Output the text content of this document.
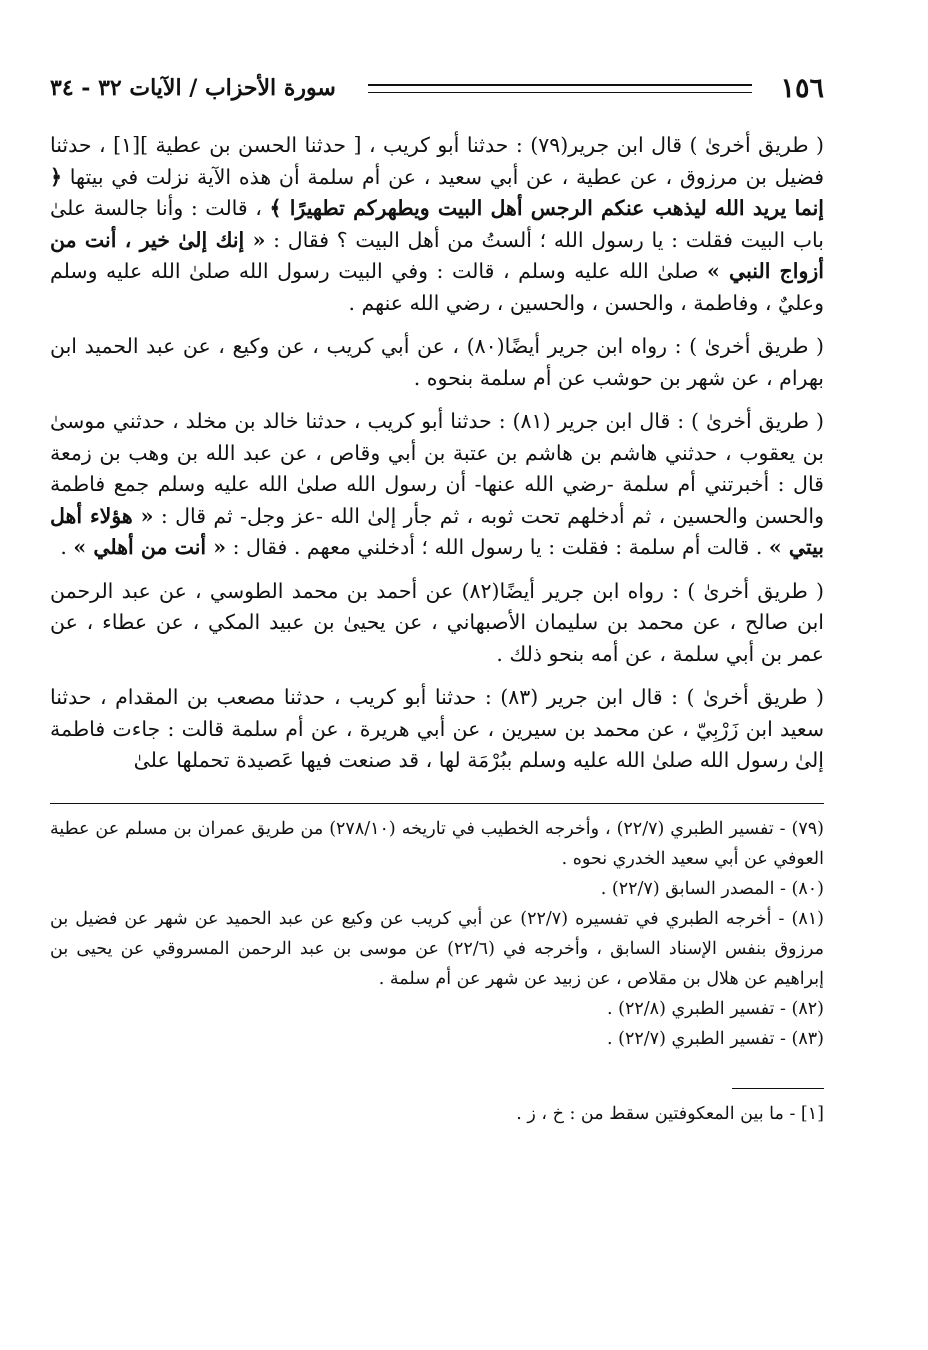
١٥٦
سورة الأحزاب / الآيات ٣٢ - ٣٤

( طريق أخرىٰ ) قال ابن جرير(٧٩) : حدثنا أبو كريب ، [ حدثنا الحسن بن عطية ][١] ، حدثنا فضيل بن مرزوق ، عن عطية ، عن أبي سعيد ، عن أم سلمة أن هذه الآية نزلت في بيتها ﴿ إنما يريد الله ليذهب عنكم الرجس أهل البيت ويطهركم تطهيرًا ﴾ ، قالت : وأنا جالسة علىٰ باب البيت فقلت : يا رسول الله ؛ ألستُ من أهل البيت ؟ فقال : « إنك إلىٰ خير ، أنت من أزواج النبي » صلىٰ الله عليه وسلم ، قالت : وفي البيت رسول الله صلىٰ الله عليه وسلم وعليٌ ، وفاطمة ، والحسن ، والحسين ، رضي الله عنهم .

( طريق أخرىٰ ) : رواه ابن جرير أيضًا(٨٠) ، عن أبي كريب ، عن وكيع ، عن عبد الحميد ابن بهرام ، عن شهر بن حوشب عن أم سلمة بنحوه .

( طريق أخرىٰ ) : قال ابن جرير (٨١) : حدثنا أبو كريب ، حدثنا خالد بن مخلد ، حدثني موسىٰ بن يعقوب ، حدثني هاشم بن هاشم بن عتبة بن أبي وقاص ، عن عبد الله بن وهب بن زمعة قال : أخبرتني أم سلمة -رضي الله عنها- أن رسول الله صلىٰ الله عليه وسلم جمع فاطمة والحسن والحسين ، ثم أدخلهم تحت ثوبه ، ثم جأر إلىٰ الله -عز وجل- ثم قال : « هؤلاء أهل بيتي » . قالت أم سلمة : فقلت : يا رسول الله ؛ أدخلني معهم . فقال : « أنت من أهلي » .

( طريق أخرىٰ ) : رواه ابن جرير أيضًا(٨٢) عن أحمد بن محمد الطوسي ، عن عبد الرحمن ابن صالح ، عن محمد بن سليمان الأصبهاني ، عن يحيىٰ بن عبيد المكي ، عن عطاء ، عن عمر بن أبي سلمة ، عن أمه بنحو ذلك .

( طريق أخرىٰ ) : قال ابن جرير (٨٣) : حدثنا أبو كريب ، حدثنا مصعب بن المقدام ، حدثنا سعيد ابن زَرْبِيّ ، عن محمد بن سيرين ، عن أبي هريرة ، عن أم سلمة قالت : جاءت فاطمة إلىٰ رسول الله صلىٰ الله عليه وسلم ببُرْمَة لها ، قد صنعت فيها عَصيدة تحملها علىٰ

(٧٩) - تفسير الطبري (٢٢/٧) ، وأخرجه الخطيب في تاريخه (٢٧٨/١٠) من طريق عمران بن مسلم عن عطية العوفي عن أبي سعيد الخدري نحوه .

(٨٠) - المصدر السابق (٢٢/٧) .

(٨١) - أخرجه الطبري في تفسيره (٢٢/٧) عن أبي كريب عن وكيع عن عبد الحميد عن شهر عن فضيل بن مرزوق بنفس الإسناد السابق ، وأخرجه في (٢٢/٦) عن موسى بن عبد الرحمن المسروقي عن يحيى بن إبراهيم عن هلال بن مقلاص ، عن زبيد عن شهر عن أم سلمة .

(٨٢) - تفسير الطبري (٢٢/٨) .

(٨٣) - تفسير الطبري (٢٢/٧) .

[١] - ما بين المعكوفتين سقط من : خ ، ز .
